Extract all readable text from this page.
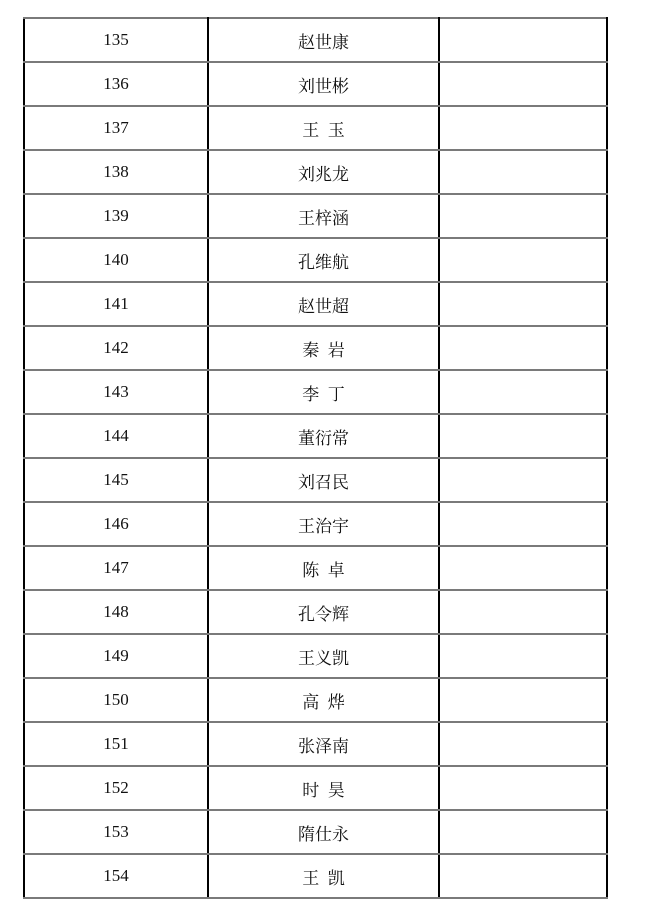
135	赵世康	
136	刘世彬	
137	王玉	
138	刘兆龙	
139	王梓涵	
140	孔维航	
141	赵世超	
142	秦岩	
143	李丁	
144	董衍常	
145	刘召民	
146	王治宇	
147	陈卓	
148	孔令辉	
149	王义凯	
150	高烨	
151	张泽南	
152	时昊	
153	隋仕永	
154	王凯	
